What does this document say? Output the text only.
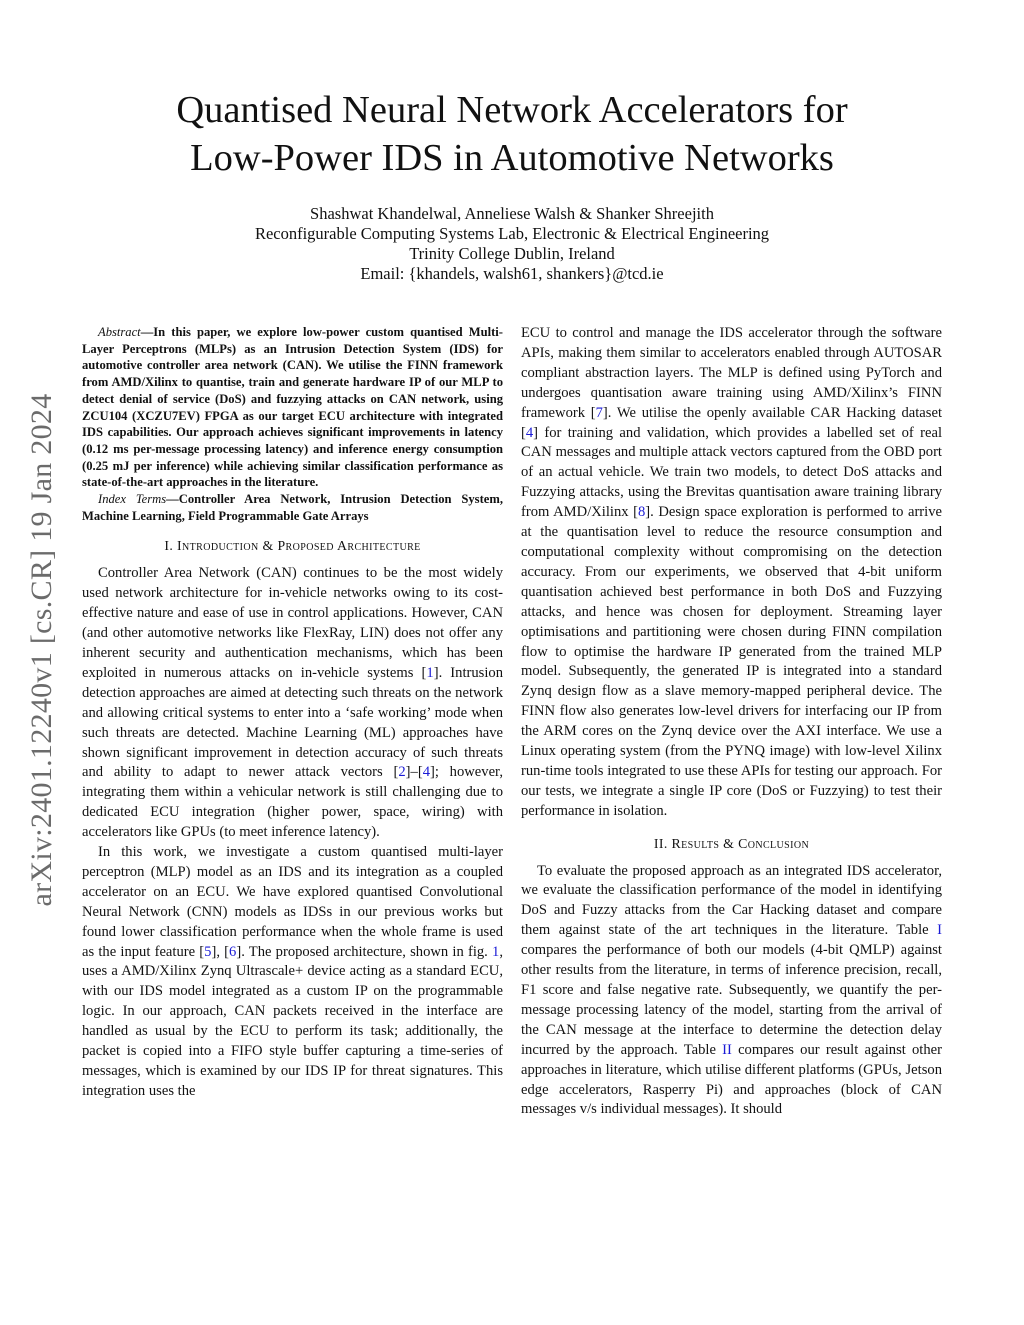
arXiv:2401.12240v1 [cs.CR] 19 Jan 2024
Quantised Neural Network Accelerators for
Low-Power IDS in Automotive Networks
Shashwat Khandelwal, Anneliese Walsh & Shanker Shreejith
Reconfigurable Computing Systems Lab, Electronic & Electrical Engineering
Trinity College Dublin, Ireland
Email: {khandels, walsh61, shankers}@tcd.ie

Abstract—In this paper, we explore low-power custom quantised Multi-Layer Perceptrons (MLPs) as an Intrusion Detection System (IDS) for automotive controller area network (CAN). We utilise the FINN framework from AMD/Xilinx to quantise, train and generate hardware IP of our MLP to detect denial of service (DoS) and fuzzying attacks on CAN network, using ZCU104 (XCZU7EV) FPGA as our target ECU architecture with integrated IDS capabilities. Our approach achieves significant improvements in latency (0.12 ms per-message processing latency) and inference energy consumption (0.25 mJ per inference) while achieving similar classification performance as state-of-the-art approaches in the literature.

Index Terms—Controller Area Network, Intrusion Detection System, Machine Learning, Field Programmable Gate Arrays

I. Introduction & Proposed Architecture

Controller Area Network (CAN) continues to be the most widely used network architecture for in-vehicle networks owing to its cost-effective nature and ease of use in control applications. However, CAN (and other automotive networks like FlexRay, LIN) does not offer any inherent security and authentication mechanisms, which has been exploited in numerous attacks on in-vehicle systems [1]. Intrusion detection approaches are aimed at detecting such threats on the network and allowing critical systems to enter into a ‘safe working’ mode when such threats are detected. Machine Learning (ML) approaches have shown significant improvement in detection accuracy of such threats and ability to adapt to newer attack vectors [2]–[4]; however, integrating them within a vehicular network is still challenging due to dedicated ECU integration (higher power, space, wiring) with accelerators like GPUs (to meet inference latency).

In this work, we investigate a custom quantised multi-layer perceptron (MLP) model as an IDS and its integration as a coupled accelerator on an ECU. We have explored quantised Convolutional Neural Network (CNN) models as IDSs in our previous works but found lower classification performance when the whole frame is used as the input feature [5], [6]. The proposed architecture, shown in fig. 1, uses a AMD/Xilinx Zynq Ultrascale+ device acting as a standard ECU, with our IDS model integrated as a custom IP on the programmable logic. In our approach, CAN packets received in the interface are handled as usual by the ECU to perform its task; additionally, the packet is copied into a FIFO style buffer capturing a time-series of messages, which is examined by our IDS IP for threat signatures. This integration uses the

ECU to control and manage the IDS accelerator through the software APIs, making them similar to accelerators enabled through AUTOSAR compliant abstraction layers. The MLP is defined using PyTorch and undergoes quantisation aware training using AMD/Xilinx’s FINN framework [7]. We utilise the openly available CAR Hacking dataset [4] for training and validation, which provides a labelled set of real CAN messages and multiple attack vectors captured from the OBD port of an actual vehicle. We train two models, to detect DoS attacks and Fuzzying attacks, using the Brevitas quantisation aware training library from AMD/Xilinx [8]. Design space exploration is performed to arrive at the quantisation level to reduce the resource consumption and computational complexity without compromising on the detection accuracy. From our experiments, we observed that 4-bit uniform quantisation achieved best performance in both DoS and Fuzzying attacks, and hence was chosen for deployment. Streaming layer optimisations and partitioning were chosen during FINN compilation flow to optimise the hardware IP generated from the trained MLP model. Subsequently, the generated IP is integrated into a standard Zynq design flow as a slave memory-mapped peripheral device. The FINN flow also generates low-level drivers for interfacing our IP from the ARM cores on the Zynq device over the AXI interface. We use a Linux operating system (from the PYNQ image) with low-level Xilinx run-time tools integrated to use these APIs for testing our approach. For our tests, we integrate a single IP core (DoS or Fuzzying) to test their performance in isolation.

II. Results & Conclusion

To evaluate the proposed approach as an integrated IDS accelerator, we evaluate the classification performance of the model in identifying DoS and Fuzzy attacks from the Car Hacking dataset and compare them against state of the art techniques in the literature. Table I compares the performance of both our models (4-bit QMLP) against other results from the literature, in terms of inference precision, recall, F1 score and false negative rate. Subsequently, we quantify the per-message processing latency of the model, starting from the arrival of the CAN message at the interface to determine the detection delay incurred by the approach. Table II compares our result against other approaches in literature, which utilise different platforms (GPUs, Jetson edge accelerators, Rasperry Pi) and approaches (block of CAN messages v/s individual messages). It should
